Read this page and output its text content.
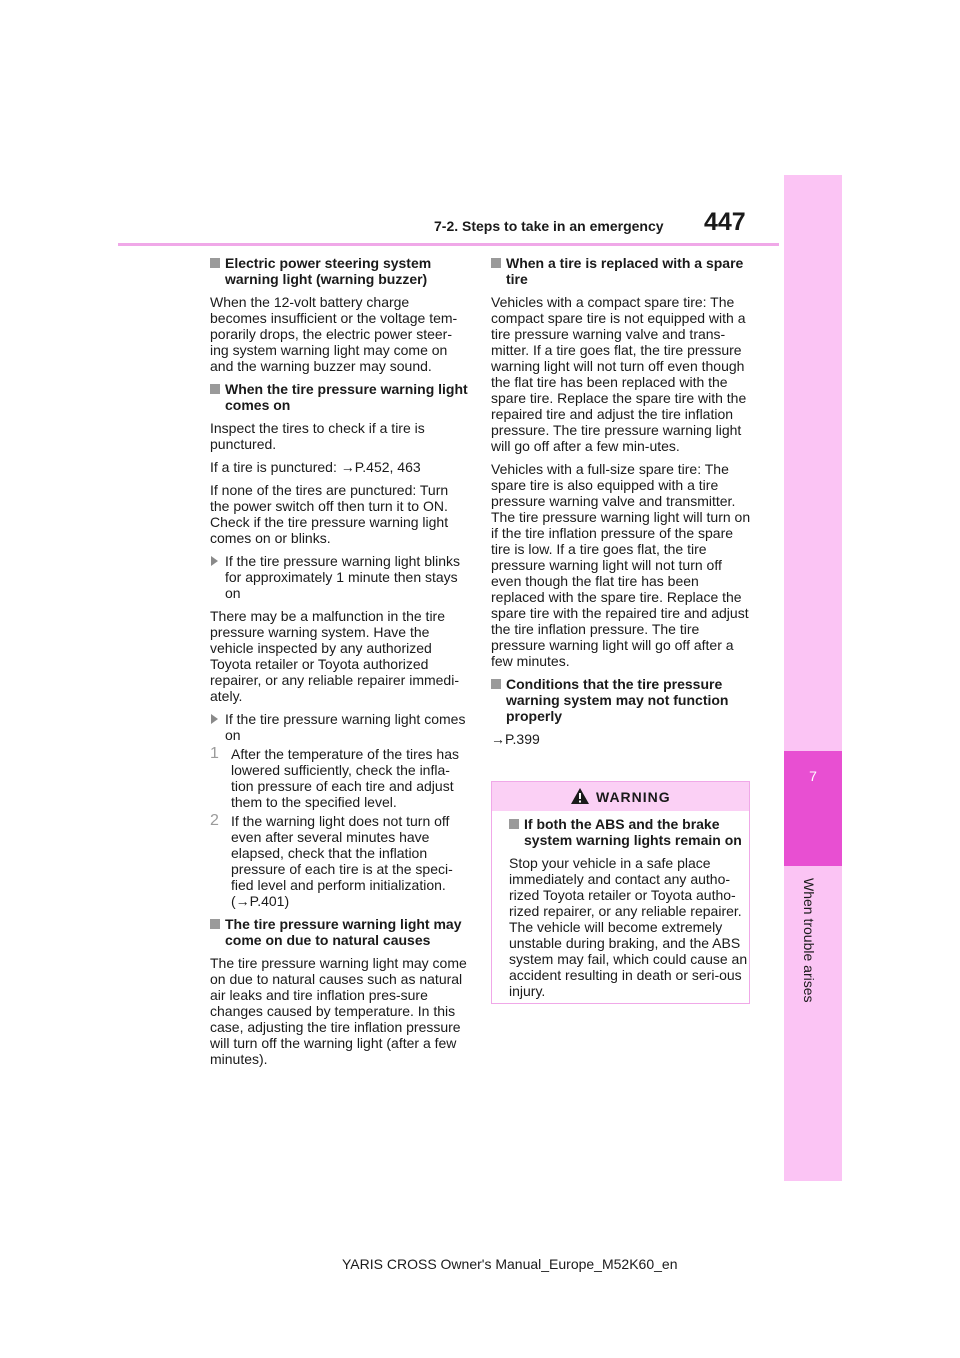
7-2. Steps to take in an emergency 447
7
When trouble arises
Electric power steering system warning light (warning buzzer)
When the 12-volt battery charge becomes insufficient or the voltage tem-porarily drops, the electric power steer-ing system warning light may come on and the warning buzzer may sound.
When the tire pressure warning light comes on
Inspect the tires to check if a tire is punctured.
If a tire is punctured: →P.452, 463
If none of the tires are punctured: Turn the power switch off then turn it to ON. Check if the tire pressure warning light comes on or blinks.
If the tire pressure warning light blinks for approximately 1 minute then stays on
There may be a malfunction in the tire pressure warning system. Have the vehicle inspected by any authorized Toyota retailer or Toyota authorized repairer, or any reliable repairer immedi-ately.
If the tire pressure warning light comes on
1 After the temperature of the tires has lowered sufficiently, check the infla-tion pressure of each tire and adjust them to the specified level.
2 If the warning light does not turn off even after several minutes have elapsed, check that the inflation pressure of each tire is at the speci-fied level and perform initialization. (→P.401)
The tire pressure warning light may come on due to natural causes
The tire pressure warning light may come on due to natural causes such as natural air leaks and tire inflation pres-sure changes caused by temperature. In this case, adjusting the tire inflation pressure will turn off the warning light (after a few minutes).
When a tire is replaced with a spare tire
Vehicles with a compact spare tire: The compact spare tire is not equipped with a tire pressure warning valve and trans-mitter. If a tire goes flat, the tire pressure warning light will not turn off even though the flat tire has been replaced with the spare tire. Replace the spare tire with the repaired tire and adjust the tire inflation pressure. The tire pressure warning light will go off after a few min-utes.
Vehicles with a full-size spare tire: The spare tire is also equipped with a tire pressure warning valve and transmitter. The tire pressure warning light will turn on if the tire inflation pressure of the spare tire is low. If a tire goes flat, the tire pressure warning light will not turn off even though the flat tire has been replaced with the spare tire. Replace the spare tire with the repaired tire and adjust the tire inflation pressure. The tire pressure warning light will go off after a few minutes.
Conditions that the tire pressure warning system may not function properly
→P.399
WARNING
If both the ABS and the brake system warning lights remain on
Stop your vehicle in a safe place immediately and contact any autho-rized Toyota retailer or Toyota autho-rized repairer, or any reliable repairer. The vehicle will become extremely unstable during braking, and the ABS system may fail, which could cause an accident resulting in death or seri-ous injury.
YARIS CROSS Owner's Manual_Europe_M52K60_en
